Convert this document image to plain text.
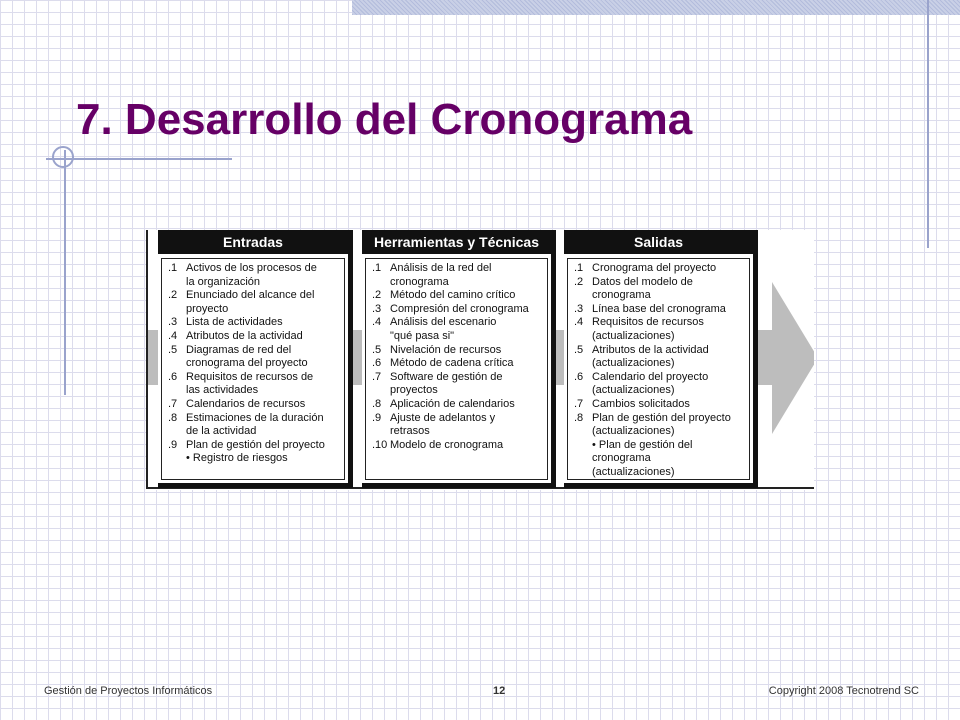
7. Desarrollo del Cronograma
Entradas
.1 Activos de los procesos de
la organización
.2 Enunciado del alcance del
proyecto
.3 Lista de actividades
.4 Atributos de la actividad
.5 Diagramas de red del
cronograma del proyecto
.6 Requisitos de recursos de
las actividades
.7 Calendarios de recursos
.8 Estimaciones de la duración
de la actividad
.9 Plan de gestión del proyecto
• Registro de riesgos
Herramientas y Técnicas
.1 Análisis de la red del
cronograma
.2 Método del camino crítico
.3 Compresión del cronograma
.4 Análisis del escenario
"qué pasa si"
.5 Nivelación de recursos
.6 Método de cadena crítica
.7 Software de gestión de
proyectos
.8 Aplicación de calendarios
.9 Ajuste de adelantos y
retrasos
.10 Modelo de cronograma
Salidas
.1 Cronograma del proyecto
.2 Datos del modelo de
cronograma
.3 Línea base del cronograma
.4 Requisitos de recursos
(actualizaciones)
.5 Atributos de la actividad
(actualizaciones)
.6 Calendario del proyecto
(actualizaciones)
.7 Cambios solicitados
.8 Plan de gestión del proyecto
(actualizaciones)
• Plan de gestión del
cronograma
(actualizaciones)
Gestión de Proyectos Informáticos	12	Copyright 2008 Tecnotrend SC
